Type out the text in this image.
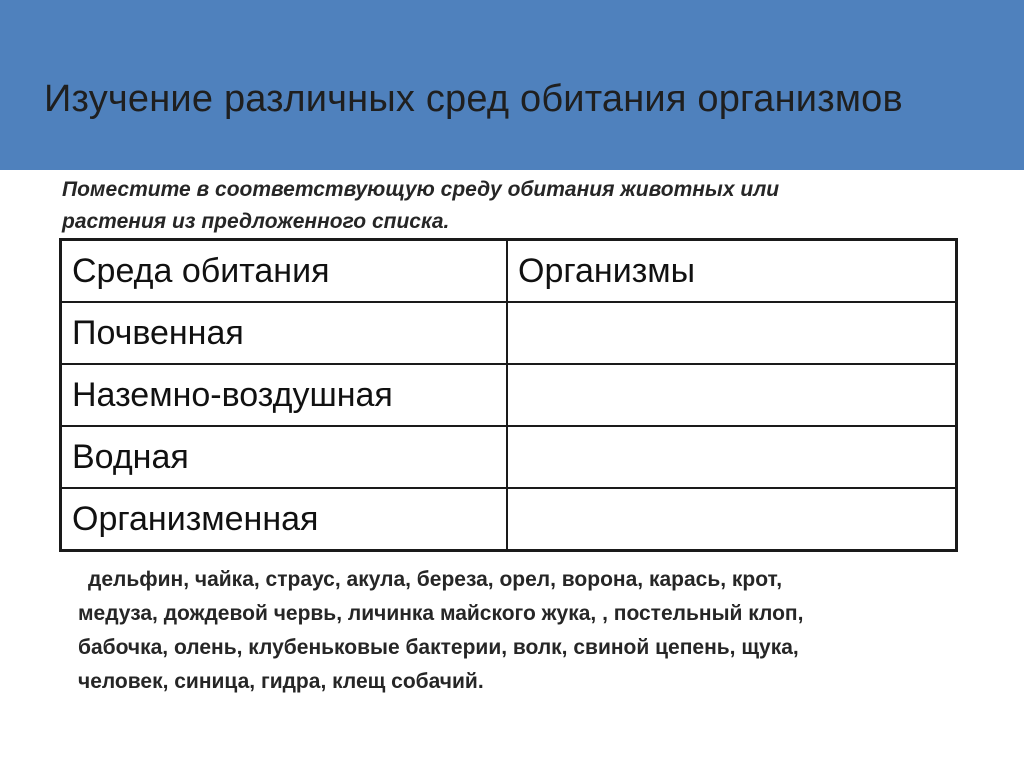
Изучение различных сред обитания организмов
Поместите в соответствующую среду обитания животных или
растения из предложенного списка.
Среда обитания	Организмы
Почвенная	
Наземно-воздушная	
Водная	
Организменная	
дельфин, чайка, страус, акула, береза, орел, ворона, карась, крот,
медуза, дождевой червь, личинка майского жука, , постельный клоп,
бабочка, олень, клубеньковые бактерии, волк, свиной цепень, щука,
человек, синица, гидра, клещ собачий.
